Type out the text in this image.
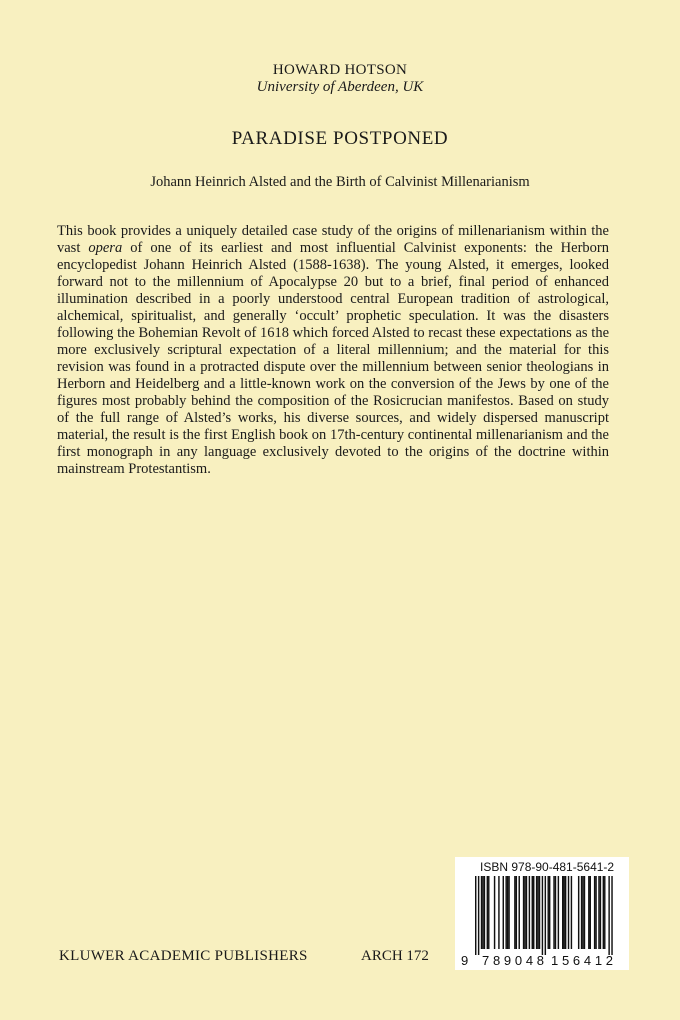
HOWARD HOTSON
University of Aberdeen, UK
PARADISE POSTPONED
Johann Heinrich Alsted and the Birth of Calvinist Millenarianism

This book provides a uniquely detailed case study of the origins of millenarianism within the vast opera of one of its earliest and most influential Calvinist exponents: the Herborn encyclopedist Johann Heinrich Alsted (1588-1638). The young Alsted, it emerges, looked forward not to the millennium of Apocalypse 20 but to a brief, final period of enhanced illumination described in a poorly understood central European tradition of astrological, alchemical, spiritualist, and generally ‘occult’ prophetic speculation. It was the disasters following the Bohemian Revolt of 1618 which forced Alsted to recast these expectations as the more exclusively scriptural expectation of a literal millennium; and the material for this revision was found in a protracted dispute over the millennium between senior theologians in Herborn and Heidelberg and a little-known work on the conversion of the Jews by one of the figures most probably behind the composition of the Rosicrucian manifestos. Based on study of the full range of Alsted’s works, his diverse sources, and widely dispersed manuscript material, the result is the first English book on 17th-century continental millenarianism and the first monograph in any language exclusively devoted to the origins of the doctrine within mainstream Protestantism.

KLUWER ACADEMIC PUBLISHERS	ARCH 172 9 789048 156412
ISBN 978-90-481-5641-2
